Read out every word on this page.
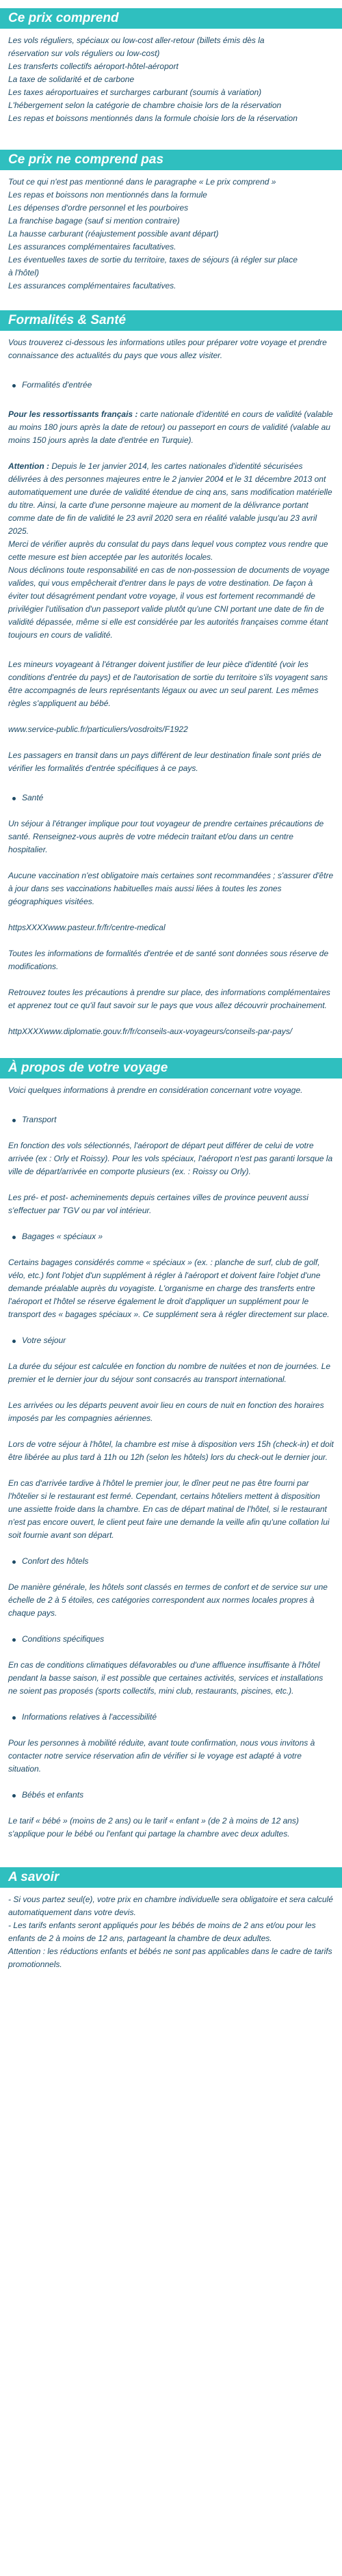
Ce prix comprend

Les vols réguliers, spéciaux ou low-cost aller-retour (billets émis dès la

réservation sur vols réguliers ou low-cost)

Les transferts collectifs aéroport-hôtel-aéroport

La taxe de solidarité et de carbone

Les taxes aéroportuaires et surcharges carburant (soumis à variation)

L'hébergement selon la catégorie de chambre choisie lors de la réservation

Les repas et boissons mentionnés dans la formule choisie lors de la réservation

Ce prix ne comprend pas

Tout ce qui n'est pas mentionné dans le paragraphe « Le prix comprend »

Les repas et boissons non mentionnés dans la formule

Les dépenses d'ordre personnel et les pourboires

La franchise bagage (sauf si mention contraire)

La hausse carburant (réajustement possible avant départ)

Les assurances complémentaires facultatives.

Les éventuelles taxes de sortie du territoire, taxes de séjours (à régler sur place

à l'hôtel)

Les assurances complémentaires facultatives.

Formalités & Santé

Vous trouverez ci-dessous les informations utiles pour préparer votre voyage et prendre connaissance des actualités du pays que vous allez visiter.

Formalités d'entrée

Pour les ressortissants français : carte nationale d'identité en cours de validité (valable au moins 180 jours après la date de retour) ou passeport en cours de validité (valable au moins 150 jours après la date d'entrée en Turquie).

Attention : Depuis le 1er janvier 2014, les cartes nationales d'identité sécurisées délivrées à des personnes majeures entre le 2 janvier 2004 et le 31 décembre 2013 ont automatiquement une durée de validité étendue de cinq ans, sans modification matérielle du titre. Ainsi, la carte d'une personne majeure au moment de la délivrance portant comme date de fin de validité le 23 avril 2020 sera en réalité valable jusqu'au 23 avril 2025.

Merci de vérifier auprès du consulat du pays dans lequel vous comptez vous rendre que cette mesure est bien acceptée par les autorités locales.

Nous déclinons toute responsabilité en cas de non-possession de documents de voyage valides, qui vous empêcherait d'entrer dans le pays de votre destination. De façon à éviter tout désagrément pendant votre voyage, il vous est fortement recommandé de privilégier l'utilisation d'un passeport valide plutôt qu'une CNI portant une date de fin de validité dépassée, même si elle est considérée par les autorités françaises comme étant toujours en cours de validité.

Les mineurs voyageant à l'étranger doivent justifier de leur pièce d'identité (voir les conditions d'entrée du pays) et de l'autorisation de sortie du territoire s'ils voyagent sans être accompagnés de leurs représentants légaux ou avec un seul parent. Les mêmes règles s'appliquent au bébé.

www.service-public.fr/particuliers/vosdroits/F1922

Les passagers en transit dans un pays différent de leur destination finale sont priés de vérifier les formalités d'entrée spécifiques à ce pays.

Santé

Un séjour à l'étranger implique pour tout voyageur de prendre certaines précautions de santé. Renseignez-vous auprès de votre médecin traitant et/ou dans un centre hospitalier.

Aucune vaccination n'est obligatoire mais certaines sont recommandées ; s'assurer d'être à jour dans ses vaccinations habituelles mais aussi liées à toutes les zones géographiques visitées.

httpsXXXXwww.pasteur.fr/fr/centre-medical

Toutes les informations de formalités d'entrée et de santé sont données sous réserve de modifications.

Retrouvez toutes les précautions à prendre sur place, des informations complémentaires et apprenez tout ce qu'il faut savoir sur le pays que vous allez découvrir prochainement.

httpXXXXwww.diplomatie.gouv.fr/fr/conseils-aux-voyageurs/conseils-par-pays/

À propos de votre voyage

Voici quelques informations à prendre en considération concernant votre voyage.

Transport

En fonction des vols sélectionnés, l'aéroport de départ peut différer de celui de votre arrivée (ex : Orly et Roissy). Pour les vols spéciaux, l'aéroport n'est pas garanti lorsque la ville de départ/arrivée en comporte plusieurs (ex. : Roissy ou Orly).

Les pré- et post- acheminements depuis certaines villes de province peuvent aussi s'effectuer par TGV ou par vol intérieur.

Bagages « spéciaux »

Certains bagages considérés comme « spéciaux » (ex. : planche de surf, club de golf, vélo, etc.) font l'objet d'un supplément à régler à l'aéroport et doivent faire l'objet d'une demande préalable auprès du voyagiste. L'organisme en charge des transferts entre l'aéroport et l'hôtel se réserve également le droit d'appliquer un supplément pour le transport des « bagages spéciaux ». Ce supplément sera à régler directement sur place.

Votre séjour

La durée du séjour est calculée en fonction du nombre de nuitées et non de journées. Le premier et le dernier jour du séjour sont consacrés au transport international.

Les arrivées ou les départs peuvent avoir lieu en cours de nuit en fonction des horaires imposés par les compagnies aériennes.

Lors de votre séjour à l'hôtel, la chambre est mise à disposition vers 15h (check-in) et doit être libérée au plus tard à 11h ou 12h (selon les hôtels) lors du check-out le dernier jour.

En cas d'arrivée tardive à l'hôtel le premier jour, le dîner peut ne pas être fourni par l'hôtelier si le restaurant est fermé. Cependant, certains hôteliers mettent à disposition une assiette froide dans la chambre. En cas de départ matinal de l'hôtel, si le restaurant n'est pas encore ouvert, le client peut faire une demande la veille afin qu'une collation lui soit fournie avant son départ.

Confort des hôtels

De manière générale, les hôtels sont classés en termes de confort et de service sur une échelle de 2 à 5 étoiles, ces catégories correspondent aux normes locales propres à chaque pays.

Conditions spécifiques

En cas de conditions climatiques défavorables ou d'une affluence insuffisante à l'hôtel pendant la basse saison, il est possible que certaines activités, services et installations ne soient pas proposés (sports collectifs, mini club, restaurants, piscines, etc.).

Informations relatives à l'accessibilité

Pour les personnes à mobilité réduite, avant toute confirmation, nous vous invitons à contacter notre service réservation afin de vérifier si le voyage est adapté à votre situation.

Bébés et enfants

Le tarif « bébé » (moins de 2 ans) ou le tarif « enfant » (de 2 à moins de 12 ans) s'applique pour le bébé ou l'enfant qui partage la chambre avec deux adultes.

A savoir

- Si vous partez seul(e), votre prix en chambre individuelle sera obligatoire et sera calculé automatiquement dans votre devis.

- Les tarifs enfants seront appliqués pour les bébés de moins de 2 ans et/ou pour les enfants de 2 à moins de 12 ans, partageant la chambre de deux adultes.

Attention : les réductions enfants et bébés ne sont pas applicables dans le cadre de tarifs promotionnels.
